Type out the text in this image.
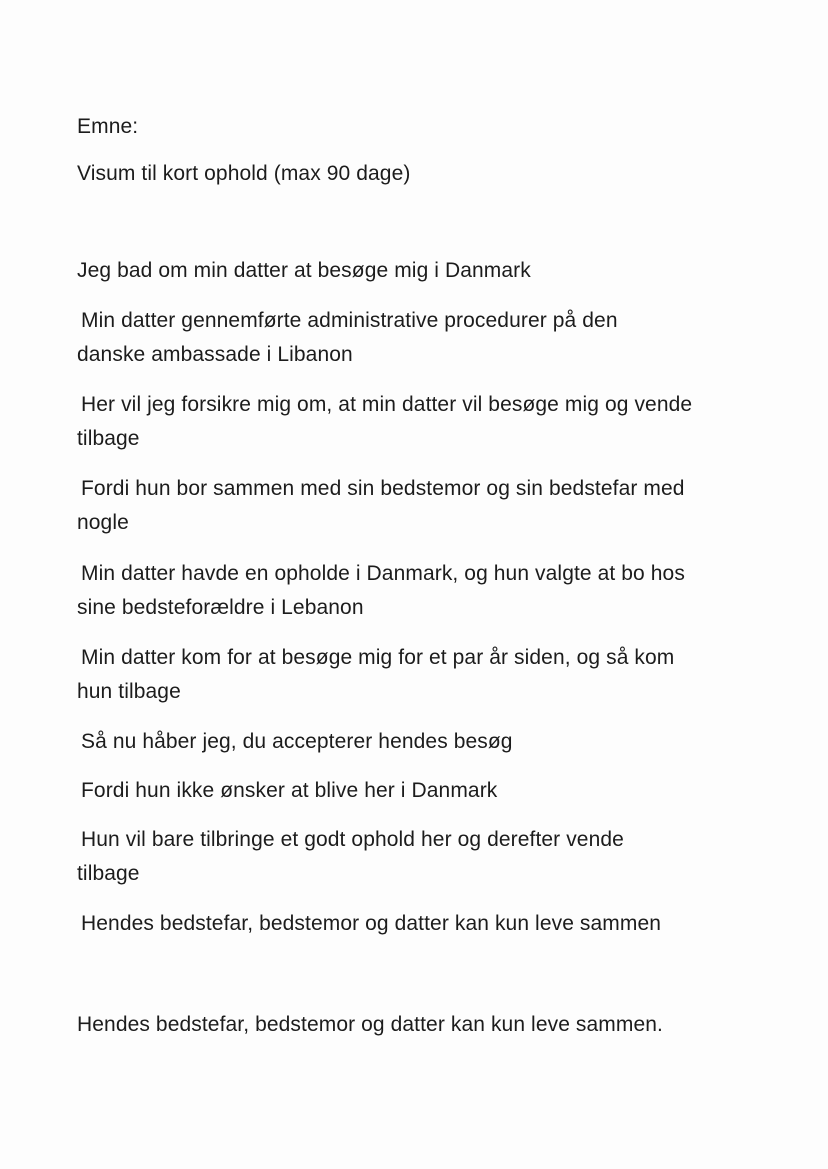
Emne:
Visum til kort ophold (max 90 dage)
Jeg bad om min datter at besøge mig i Danmark
Min datter gennemførte administrative procedurer på den
danske ambassade i Libanon
Her vil jeg forsikre mig om, at min datter vil besøge mig og vende
tilbage
Fordi hun bor sammen med sin bedstemor og sin bedstefar med
nogle
Min datter havde en opholde i Danmark, og hun valgte at bo hos
sine bedsteforældre i Lebanon
Min datter kom for at besøge mig for et par år siden, og så kom
hun tilbage
Så nu håber jeg, du accepterer hendes besøg
Fordi hun ikke ønsker at blive her i Danmark
Hun vil bare tilbringe et godt ophold her og derefter vende
tilbage
Hendes bedstefar, bedstemor og datter kan kun leve sammen
Hendes bedstefar, bedstemor og datter kan kun leve sammen.
